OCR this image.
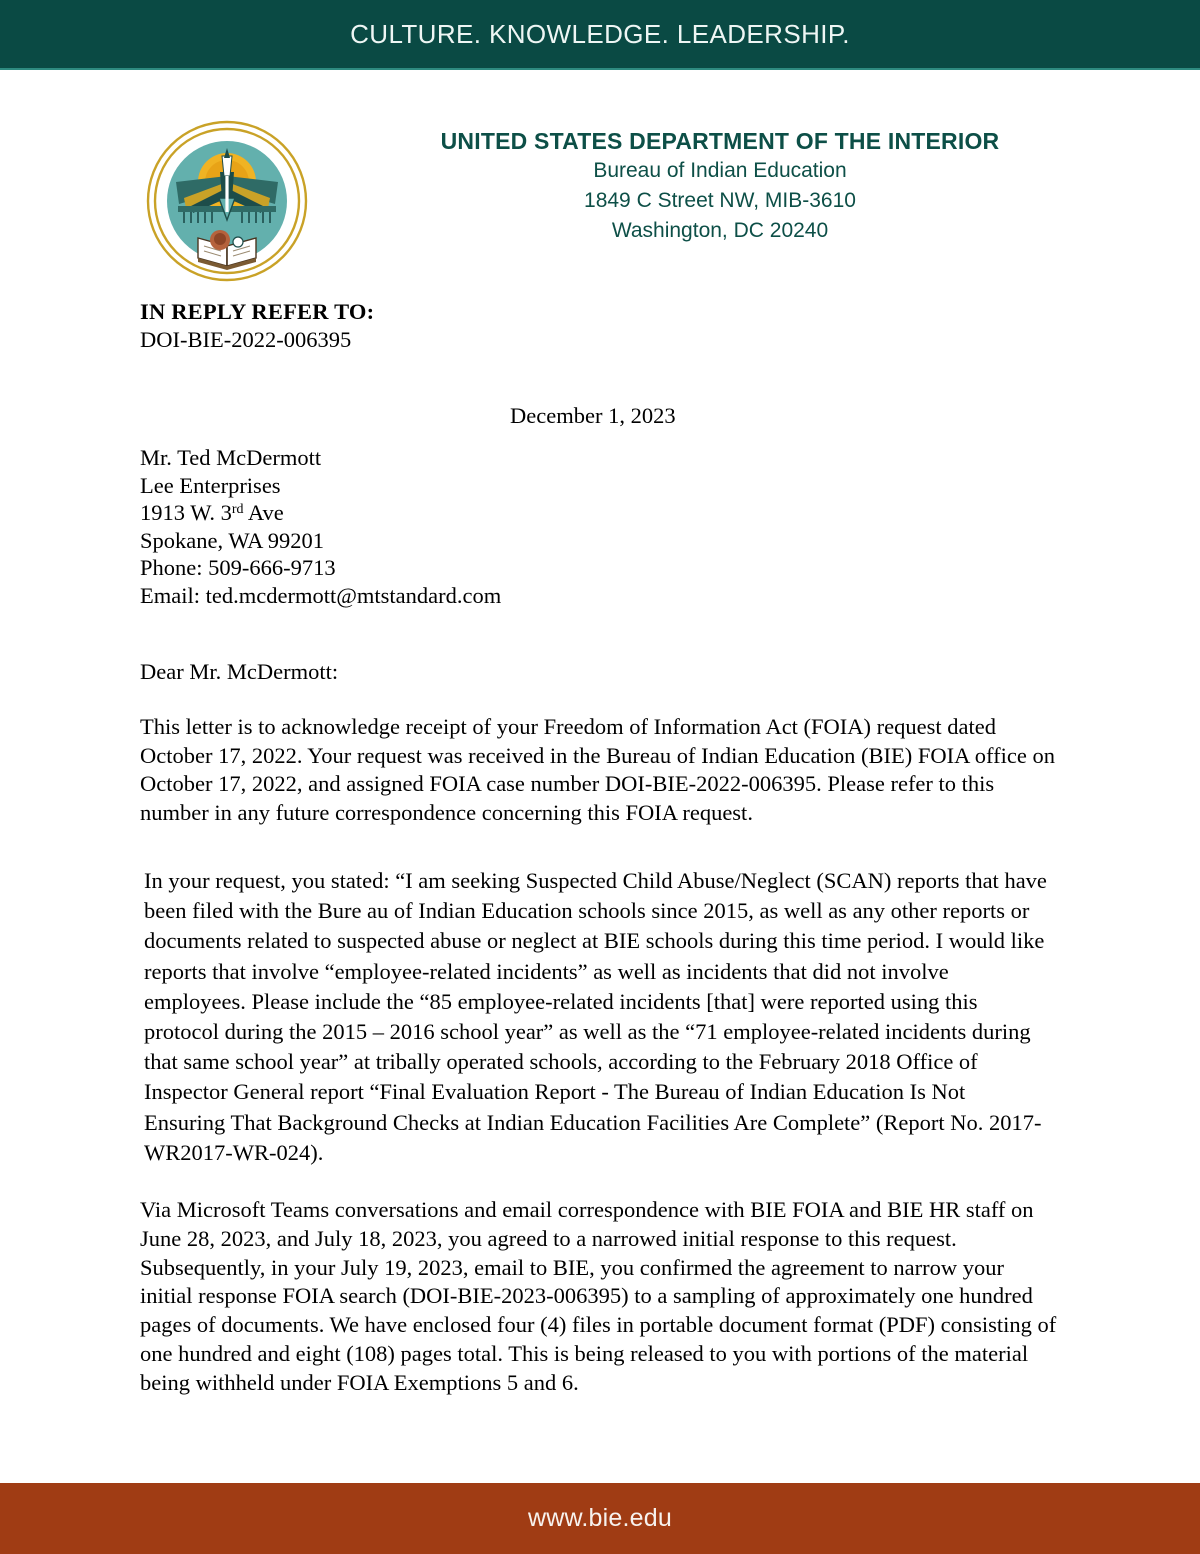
CULTURE. KNOWLEDGE. LEADERSHIP.
UNITED STATES DEPARTMENT OF THE INTERIOR
Bureau of Indian Education
1849 C Street NW, MIB-3610
Washington, DC 20240
IN REPLY REFER TO:
DOI-BIE-2022-006395
December 1, 2023
Mr. Ted McDermott
Lee Enterprises
1913 W. 3rd Ave
Spokane, WA 99201
Phone: 509-666-9713
Email: ted.mcdermott@mtstandard.com
Dear Mr. McDermott:
This letter is to acknowledge receipt of your Freedom of Information Act (FOIA) request dated October 17, 2022. Your request was received in the Bureau of Indian Education (BIE) FOIA office on October 17, 2022, and assigned FOIA case number DOI-BIE-2022-006395. Please refer to this number in any future correspondence concerning this FOIA request.
In your request, you stated: “I am seeking Suspected Child Abuse/Neglect (SCAN) reports that have been filed with the Bure au of Indian Education schools since 2015, as well as any other reports or documents related to suspected abuse or neglect at BIE schools during this time period. I would like reports that involve “employee-related incidents” as well as incidents that did not involve employees. Please include the “85 employee-related incidents [that] were reported using this protocol during the 2015 – 2016 school year” as well as the “71 employee-related incidents during that same school year” at tribally operated schools, according to the February 2018 Office of Inspector General report “Final Evaluation Report - The Bureau of Indian Education Is Not Ensuring That Background Checks at Indian Education Facilities Are Complete” (Report No. 2017-WR2017-WR-024).
Via Microsoft Teams conversations and email correspondence with BIE FOIA and BIE HR staff on June 28, 2023, and July 18, 2023, you agreed to a narrowed initial response to this request. Subsequently, in your July 19, 2023, email to BIE, you confirmed the agreement to narrow your initial response FOIA search (DOI-BIE-2023-006395) to a sampling of approximately one hundred pages of documents. We have enclosed four (4) files in portable document format (PDF) consisting of one hundred and eight (108) pages total. This is being released to you with portions of the material being withheld under FOIA Exemptions 5 and 6.
www.bie.edu
